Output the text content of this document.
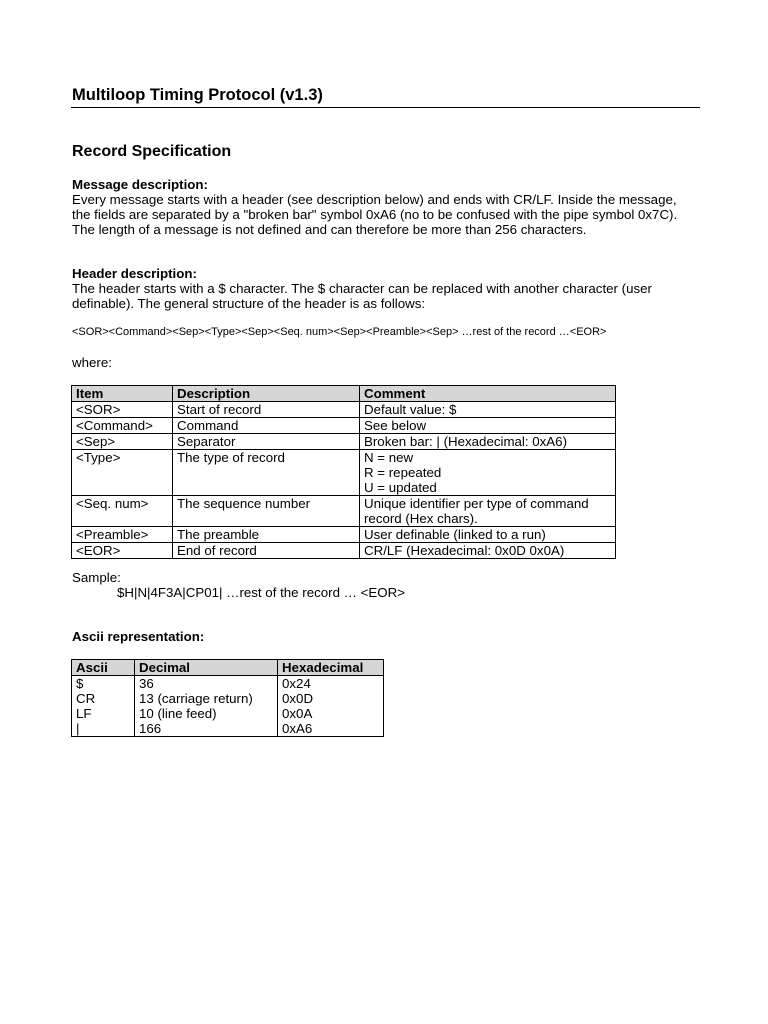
Multiloop Timing Protocol (v1.3)
Record Specification
Message description:
Every message starts with a header (see description below) and ends with CR/LF. Inside the message, the fields are separated by a "broken bar" symbol 0xA6 (no to be confused with the pipe symbol 0x7C). The length of a message is not defined and can therefore be more than 256 characters.
Header description:
The header starts with a $ character. The $ character can be replaced with another character (user definable). The general structure of the header is as follows:
<SOR><Command><Sep><Type><Sep><Seq. num><Sep><Preamble><Sep> …rest of the record …<EOR>
where:
Item	Description	Comment
<SOR>	Start of record	Default value: $

<Command>	Command	See below

<Sep>	Separator	Broken bar: | (Hexadecimal: 0xA6)

<Type>	The type of record	N = new
R = repeated
U = updated

<Seq. num>	The sequence number	Unique identifier per type of command
record (Hex chars).

<Preamble>	The preamble	User definable (linked to a run)

<EOR>	End of record	CR/LF (Hexadecimal: 0x0D 0x0A)
Sample:
$H|N|4F3A|CP01| …rest of the record … <EOR>
Ascii representation:
Ascii	Decimal	Hexadecimal
$	36	0x24
CR	13 (carriage return)	0x0D
LF	10 (line feed)	0x0A
|	166	0xA6
